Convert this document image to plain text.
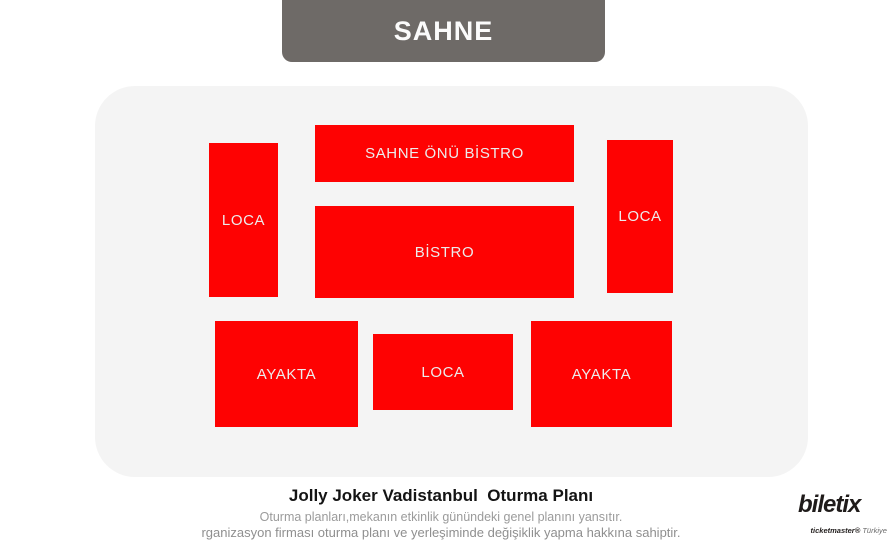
SAHNE
SAHNE ÖNÜ BİSTRO
LOCA
BİSTRO
LOCA
AYAKTA	LOCA	AYAKTA
Jolly Joker Vadistanbul  Oturma Planı
Oturma planları,mekanın etkinlik günündeki genel planını yansıtır.
rganizasyon firması oturma planı ve yerleşiminde değişiklik yapma hakkına sahiptir.
biletix

ticketmaster® Türkiye
